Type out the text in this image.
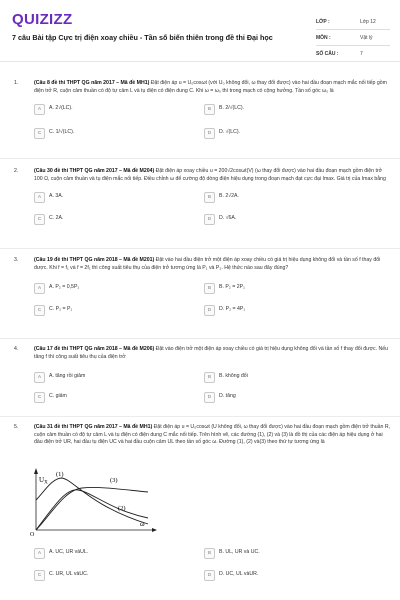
QUIZIZZ
7 câu Bài tập Cực trị điện xoay chiều - Tần số biến thiên trong đề thi Đại học
LỚP :	Lớp 12
MÔN :	Vật lý
SỐ CÂU :	7
1.	(Câu 8 đề thi THPT QG năm 2017 – Mã đề MH1) Đặt điện áp u = U₀cosωt (với U₀ không đổi, ω thay đổi được) vào hai đầu đoạn mạch mắc nối tiếp gồm điện trở R, cuộn cảm thuần có độ tự cảm L và tụ điện có điện dung C. Khi ω = ω₀ thì trong mạch có cộng hưởng. Tần số góc ω₀ là
A	A. 2√(LC).	B	B. 2/√(LC).
C	C. 1/√(LC).	D	D. √(LC).
2.	(Câu 30 đề thi THPT QG năm 2017 – Mã đề M204) Đặt điện áp xoay chiều u = 200√2cosωt(V) (ω thay đổi được) vào hai đầu đoạn mạch gồm điện trở 100 Ω, cuộn cảm thuần và tụ điện mắc nối tiếp. Điều chỉnh ω để cường độ dòng điện hiệu dụng trong đoạn mạch đạt cực đại Imax. Giá trị của Imax bằng
A	A. 3A.	B	B. 2√2A.
C	C. 2A.	D	D. √6A.
3.	(Câu 19 đề thi THPT QG năm 2018 – Mã đề M201) Đặt vào hai đầu điện trở một điện áp xoay chiều có giá trị hiệu dụng không đổi và tần số f thay đổi được. Khi f = f₁ và f = 2f₁ thì công suất tiêu thụ của điện trở tương ứng là P₁ và P₂. Hệ thức nào sau đây đúng?
A	A. P₂ = 0,5P₁	B	B. P₂ = 2P₁
C	C. P₂ = P₁	D	D. P₂ = 4P₁
4.	(Câu 17 đề thi THPT QG năm 2018 – Mã đề M206) Đặt vào điện trở một điện áp xoay chiều có giá trị hiệu dụng không đổi và tần số f thay đổi được. Nếu tăng f thì công suất tiêu thụ của điện trở
A	A. tăng rồi giảm	B	B. không đổi
C	C. giảm	D	D. tăng
5.	(Câu 31 đề thi THPT QG năm 2017 – Mã đề MH1) Đặt điện áp u = U₀cosωt (U không đổi, ω thay đổi được) vào hai đầu đoạn mạch gồm điện trở thuần R, cuộn cảm thuần có độ tự cảm L và tụ điện có điện dung C mắc nối tiếp. Trên hình vẽ, các đường (1), (2) và (3) là đồ thị của các điện áp hiệu dụng ở hai đầu điện trở UR, hai đầu tụ điện UC và hai đầu cuộn cảm UL theo tần số góc ω. Đường (1), (2) và(3) theo thứ tự tương ứng là
$U_X$
ω
O
(1)
(3)
(2)
A	A. UC, UR vàUL.	B	B. UL, UR và UC.
C	C. UR, UL vàUC.	D	D. UC, UL vàUR.
